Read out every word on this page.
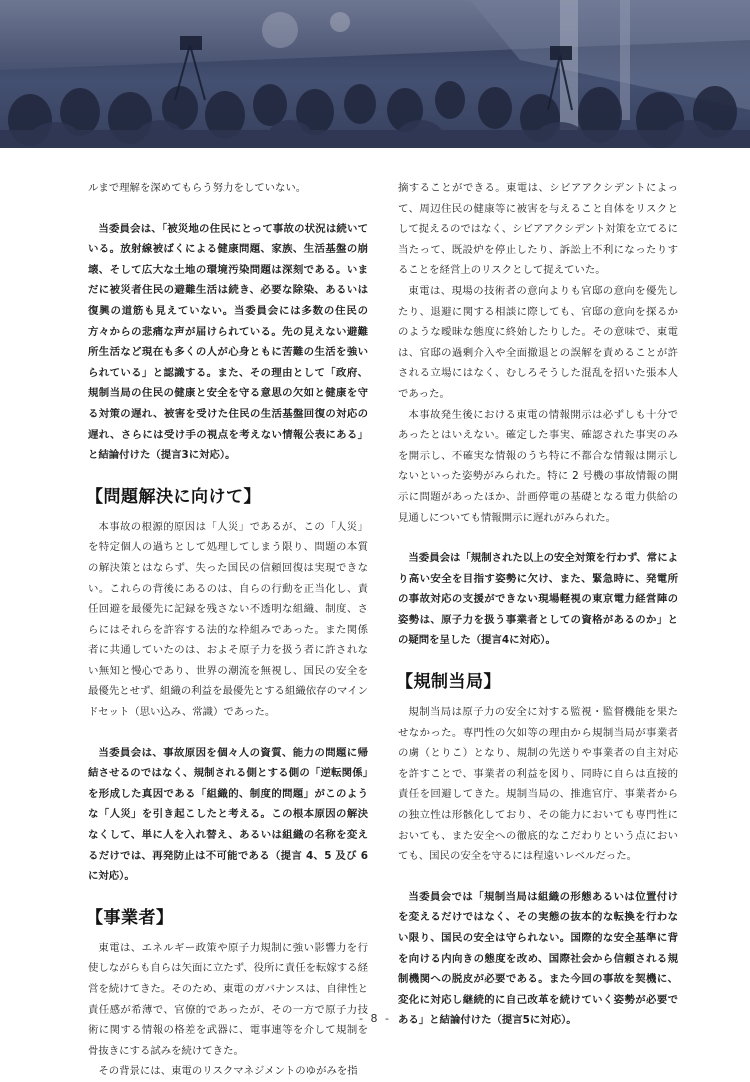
ルまで理解を深めてもらう努力をしていない。

当委員会は、「被災地の住民にとって事故の状況は続いている。放射線被ばくによる健康問題、家族、生活基盤の崩壊、そして広大な土地の環境汚染問題は深刻である。いまだに被災者住民の避難生活は続き、必要な除染、あるいは復興の道筋も見えていない。当委員会には多数の住民の方々からの悲痛な声が届けられている。先の見えない避難所生活など現在も多くの人が心身ともに苦難の生活を強いられている」と認識する。また、その理由として「政府、規制当局の住民の健康と安全を守る意思の欠如と健康を守る対策の遅れ、被害を受けた住民の生活基盤回復の対応の遅れ、さらには受け手の視点を考えない情報公表にある」と結論付けた（提言3に対応）。

【問題解決に向けて】

本事故の根源的原因は「人災」であるが、この「人災」を特定個人の過ちとして処理してしまう限り、問題の本質の解決策とはならず、失った国民の信頼回復は実現できない。これらの背後にあるのは、自らの行動を正当化し、責任回避を最優先に記録を残さない不透明な組織、制度、さらにはそれらを許容する法的な枠組みであった。また関係者に共通していたのは、およそ原子力を扱う者に許されない無知と慢心であり、世界の潮流を無視し、国民の安全を最優先とせず、組織の利益を最優先とする組織依存のマインドセット（思い込み、常識）であった。

当委員会は、事故原因を個々人の資質、能力の問題に帰結させるのではなく、規制される側とする側の「逆転関係」を形成した真因である「組織的、制度的問題」がこのような「人災」を引き起こしたと考える。この根本原因の解決なくして、単に人を入れ替え、あるいは組織の名称を変えるだけでは、再発防止は不可能である（提言 4、5 及び 6 に対応）。

【事業者】

東電は、エネルギー政策や原子力規制に強い影響力を行使しながらも自らは矢面に立たず、役所に責任を転嫁する経営を続けてきた。そのため、東電のガバナンスは、自律性と責任感が希薄で、官僚的であったが、その一方で原子力技術に関する情報の格差を武器に、電事連等を介して規制を骨抜きにする試みを続けてきた。

その背景には、東電のリスクマネジメントのゆがみを指

摘することができる。東電は、シビアアクシデントによって、周辺住民の健康等に被害を与えること自体をリスクとして捉えるのではなく、シビアアクシデント対策を立てるに当たって、既設炉を停止したり、訴訟上不利になったりすることを経営上のリスクとして捉えていた。

東電は、現場の技術者の意向よりも官邸の意向を優先したり、退避に関する相談に際しても、官邸の意向を探るかのような曖昧な態度に終始したりした。その意味で、東電は、官邸の過剰介入や全面撤退との誤解を責めることが許される立場にはなく、むしろそうした混乱を招いた張本人であった。

本事故発生後における東電の情報開示は必ずしも十分であったとはいえない。確定した事実、確認された事実のみを開示し、不確実な情報のうち特に不都合な情報は開示しないといった姿勢がみられた。特に 2 号機の事故情報の開示に問題があったほか、計画停電の基礎となる電力供給の見通しについても情報開示に遅れがみられた。

当委員会は「規制された以上の安全対策を行わず、常により高い安全を目指す姿勢に欠け、また、緊急時に、発電所の事故対応の支援ができない現場軽視の東京電力経営陣の姿勢は、原子力を扱う事業者としての資格があるのか」との疑問を呈した（提言4に対応）。

【規制当局】

規制当局は原子力の安全に対する監視・監督機能を果たせなかった。専門性の欠如等の理由から規制当局が事業者の虜（とりこ）となり、規制の先送りや事業者の自主対応を許すことで、事業者の利益を図り、同時に自らは直接的責任を回避してきた。規制当局の、推進官庁、事業者からの独立性は形骸化しており、その能力においても専門性においても、また安全への徹底的なこだわりという点においても、国民の安全を守るには程遠いレベルだった。

当委員会では「規制当局は組織の形態あるいは位置付けを変えるだけではなく、その実態の抜本的な転換を行わない限り、国民の安全は守られない。国際的な安全基準に背を向ける内向きの態度を改め、国際社会から信頼される規制機関への脱皮が必要である。また今回の事故を契機に、変化に対応し継続的に自己改革を続けていく姿勢が必要である」と結論付けた（提言5に対応）。

- 8 -
